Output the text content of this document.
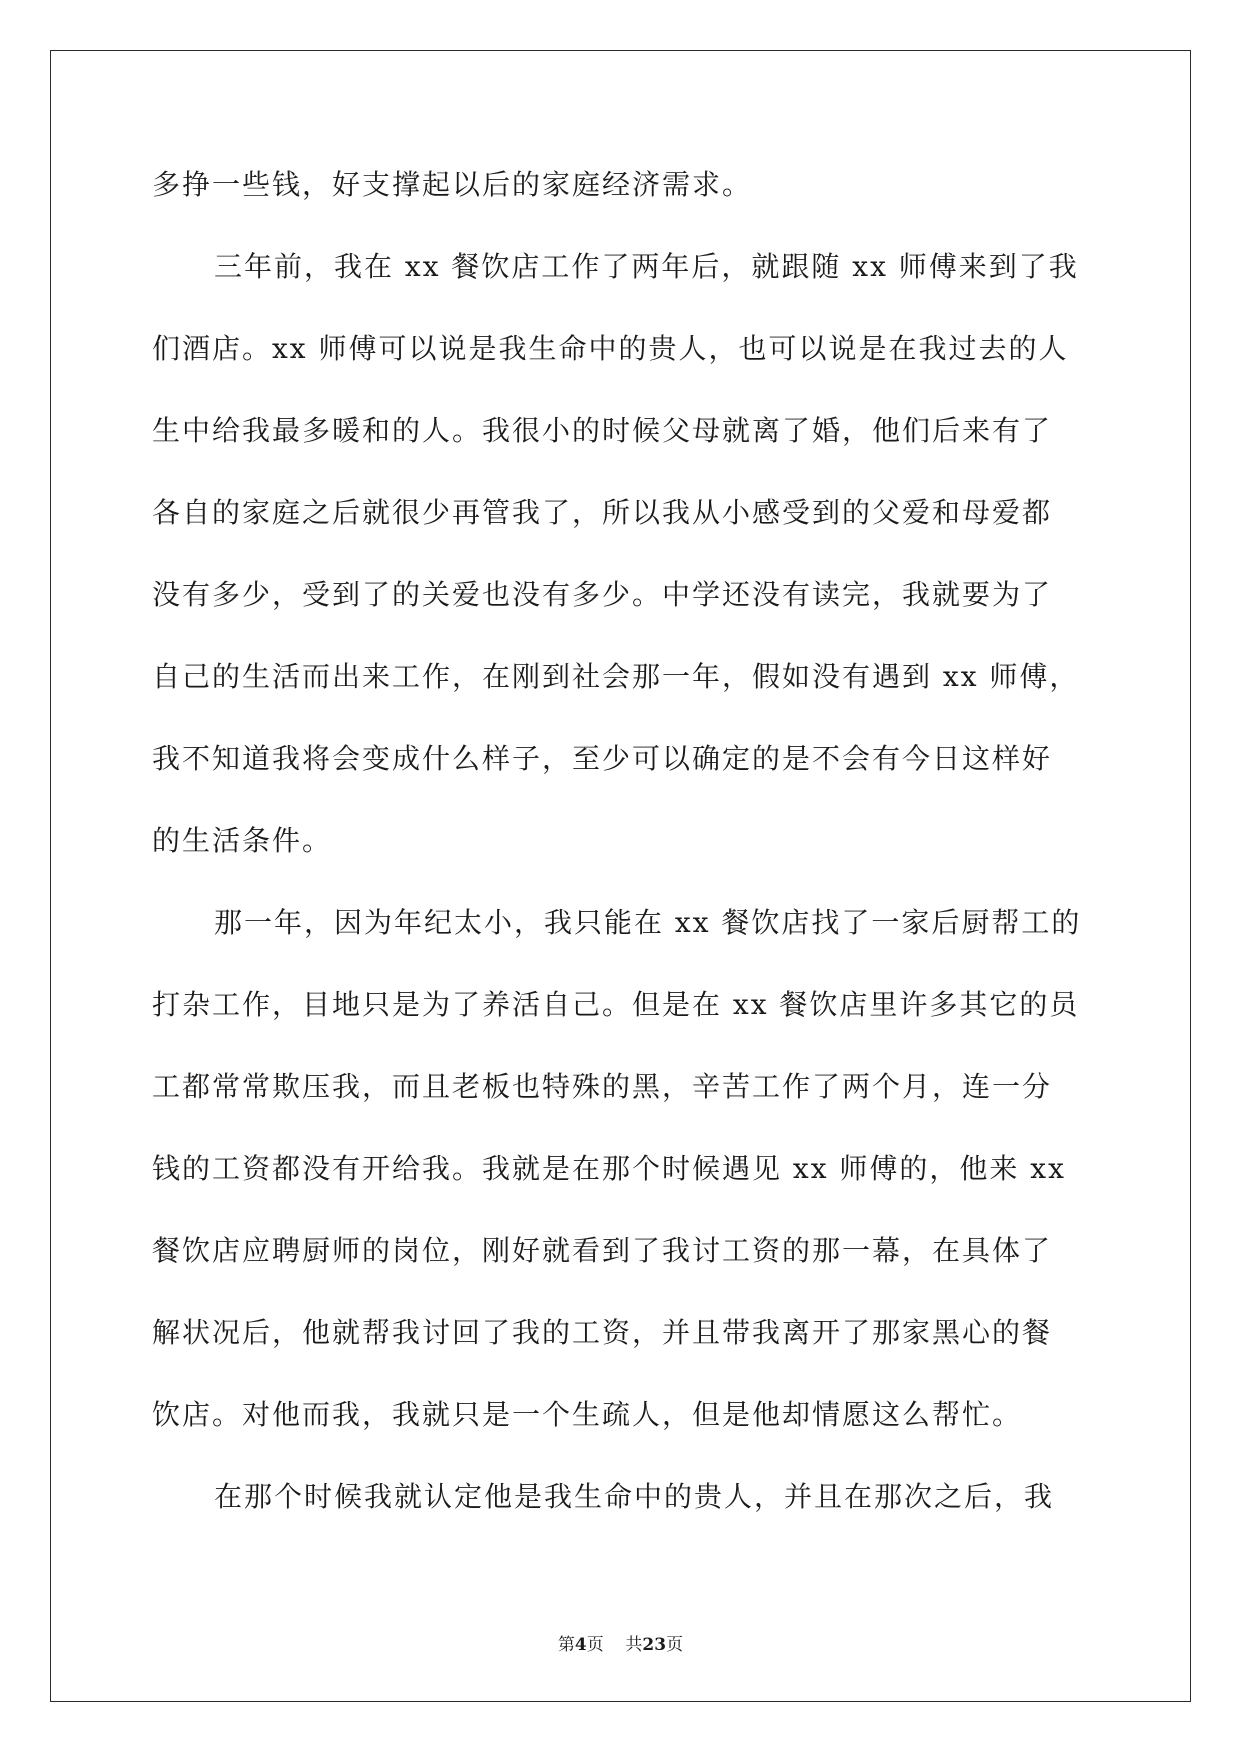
多挣一些钱，好支撑起以后的家庭经济需求。
三年前，我在 xx 餐饮店工作了两年后，就跟随 xx 师傅来到了我
们酒店。xx 师傅可以说是我生命中的贵人，也可以说是在我过去的人
生中给我最多暖和的人。我很小的时候父母就离了婚，他们后来有了
各自的家庭之后就很少再管我了，所以我从小感受到的父爱和母爱都
没有多少，受到了的关爱也没有多少。中学还没有读完，我就要为了
自己的生活而出来工作，在刚到社会那一年，假如没有遇到 xx 师傅，
我不知道我将会变成什么样子，至少可以确定的是不会有今日这样好
的生活条件。
那一年，因为年纪太小，我只能在 xx 餐饮店找了一家后厨帮工的
打杂工作，目地只是为了养活自己。但是在 xx 餐饮店里许多其它的员
工都常常欺压我，而且老板也特殊的黑，辛苦工作了两个月，连一分
钱的工资都没有开给我。我就是在那个时候遇见 xx 师傅的，他来 xx
餐饮店应聘厨师的岗位，刚好就看到了我讨工资的那一幕，在具体了
解状况后，他就帮我讨回了我的工资，并且带我离开了那家黑心的餐
饮店。对他而我，我就只是一个生疏人，但是他却情愿这么帮忙。
在那个时候我就认定他是我生命中的贵人，并且在那次之后，我
第4页 共23页
